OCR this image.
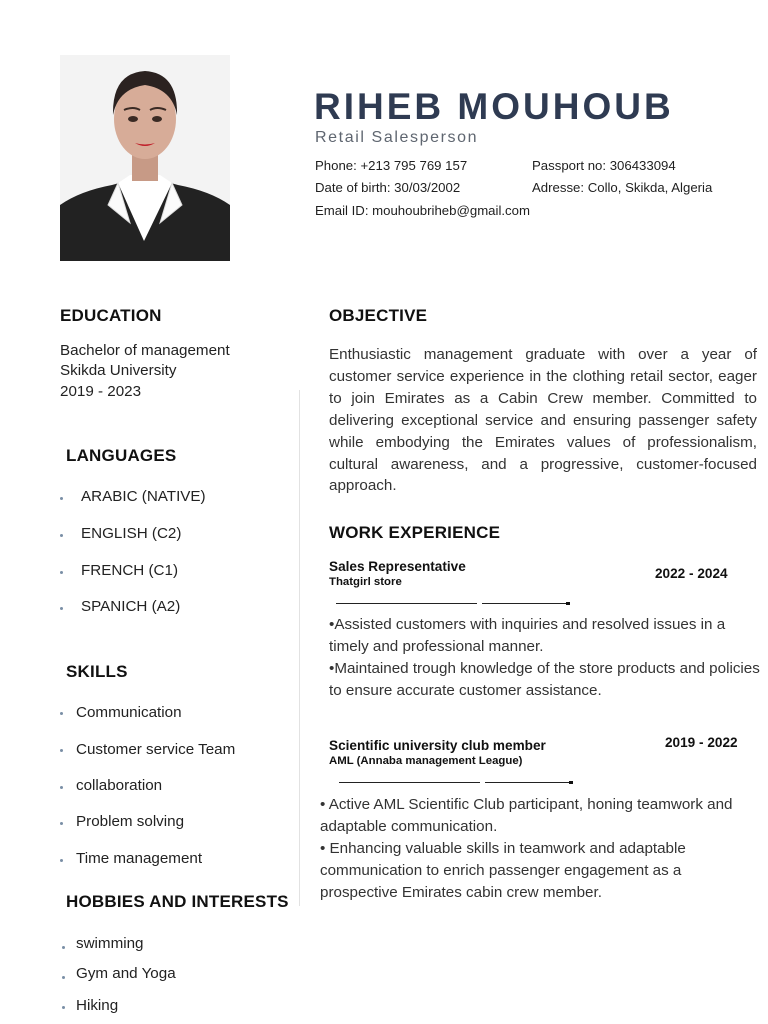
RIHEB MOUHOUB
Retail Salesperson
Phone: +213 795 769 157	Passport no: 306433094
Date of birth: 30/03/2002	Adresse: Collo, Skikda, Algeria
Email ID: mouhoubriheb@gmail.com
EDUCATION
Bachelor of management
Skikda University
2019 - 2023
LANGUAGES
ARABIC (NATIVE)
ENGLISH (C2)
FRENCH (C1)
SPANICH (A2)
SKILLS
Communication
Customer service Team
collaboration
Problem solving
Time management
HOBBIES AND INTERESTS
swimming
Gym and Yoga
Hiking
OBJECTIVE
Enthusiastic management graduate with over a year of customer service experience in the clothing retail sector, eager to join Emirates as a Cabin Crew member. Committed to delivering exceptional service and ensuring passenger safety while embodying the Emirates values of professionalism, cultural awareness, and a progressive, customer-focused approach.
WORK EXPERIENCE
Sales Representative
Thatgirl store
2022 - 2024
•Assisted customers with inquiries and resolved issues in a timely and professional manner.
•Maintained trough knowledge of the store products and policies to ensure accurate customer assistance.
Scientific university club member
AML (Annaba management League)
2019 - 2022
• Active AML Scientific Club participant, honing teamwork and adaptable communication.
• Enhancing valuable skills in teamwork and adaptable communication to enrich passenger engagement as a prospective Emirates cabin crew member.
